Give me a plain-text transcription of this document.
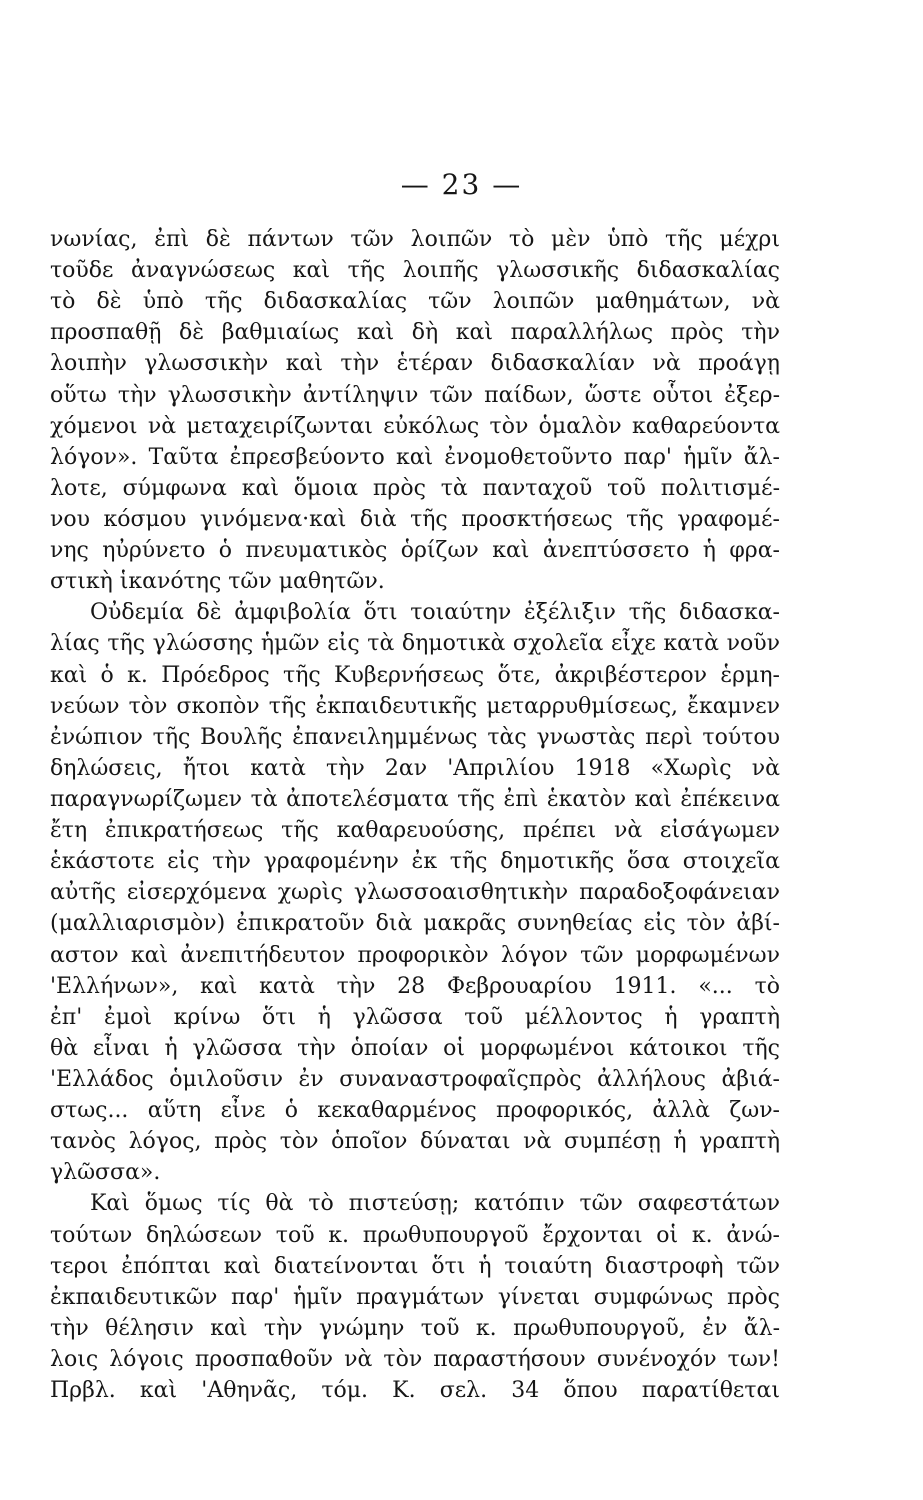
— 23 —
νωνίας, ἐπὶ δὲ πάντων τῶν λοιπῶν τὸ μὲν ὑπὸ τῆς μέχρι
τοῦδε ἀναγνώσεως καὶ τῆς λοιπῆς γλωσσικῆς διδασκαλίας
τὸ δὲ ὑπὸ τῆς διδασκαλίας τῶν λοιπῶν μαθημάτων, νὰ
προσπαθῇ δὲ βαθμιαίως καὶ δὴ καὶ παραλλήλως πρὸς τὴν
λοιπὴν γλωσσικὴν καὶ τὴν ἑτέραν διδασκαλίαν νὰ προάγῃ
οὕτω τὴν γλωσσικὴν ἀντίληψιν τῶν παίδων, ὥστε οὗτοι ἐξερ-
χόμενοι νὰ μεταχειρίζωνται εὐκόλως τὸν ὁμαλὸν καθαρεύοντα
λόγον». Ταῦτα ἐπρεσβεύοντο καὶ ἐνομοθετοῦντο παρ' ἡμῖν ἄλ-
λοτε, σύμφωνα καὶ ὅμοια πρὸς τὰ πανταχοῦ τοῦ πολιτισμέ-
νου κόσμου γινόμενα·καὶ διὰ τῆς προσκτήσεως τῆς γραφομέ-
νης ηὐρύνετο ὁ πνευματικὸς ὁρίζων καὶ ἀνεπτύσσετο ἡ φρα-
στικὴ ἱκανότης τῶν μαθητῶν.
Οὐδεμία δὲ ἀμφιβολία ὅτι τοιαύτην ἐξέλιξιν τῆς διδασκα-
λίας τῆς γλώσσης ἡμῶν εἰς τὰ δημοτικὰ σχολεῖα εἶχε κατὰ νοῦν
καὶ ὁ κ. Πρόεδρος τῆς Κυβερνήσεως ὅτε, ἀκριβέστερον ἑρμη-
νεύων τὸν σκοπὸν τῆς ἐκπαιδευτικῆς μεταρρυθμίσεως, ἔκαμνεν
ἐνώπιον τῆς Βουλῆς ἐπανειλημμένως τὰς γνωστὰς περὶ τούτου
δηλώσεις, ἤτοι κατὰ τὴν 2αν 'Απριλίου 1918 «Χωρὶς νὰ
παραγνωρίζωμεν τὰ ἀποτελέσματα τῆς ἐπὶ ἑκατὸν καὶ ἐπέκεινα
ἔτη ἐπικρατήσεως τῆς καθαρευούσης, πρέπει νὰ εἰσάγωμεν
ἑκάστοτε εἰς τὴν γραφομένην ἐκ τῆς δημοτικῆς ὅσα στοιχεῖα
αὐτῆς εἰσερχόμενα χωρὶς γλωσσοαισθητικὴν παραδοξοφάνειαν
(μαλλιαρισμὸν) ἐπικρατοῦν διὰ μακρᾶς συνηθείας εἰς τὸν ἀβί-
αστον καὶ ἀνεπιτήδευτον προφορικὸν λόγον τῶν μορφωμένων
'Ελλήνων», καὶ κατὰ τὴν 28 Φεβρουαρίου 1911. «... τὸ
ἐπ' ἐμοὶ κρίνω ὅτι ἡ γλῶσσα τοῦ μέλλοντος ἡ γραπτὴ
θὰ εἶναι ἡ γλῶσσα τὴν ὁποίαν οἱ μορφωμένοι κάτοικοι τῆς
'Ελλάδος ὁμιλοῦσιν ἐν συναναστροφαῖςπρὸς ἀλλήλους ἀβιά-
στως... αὕτη εἶνε ὁ κεκαθαρμένος προφορικός, ἀλλὰ ζων-
τανὸς λόγος, πρὸς τὸν ὁποῖον δύναται νὰ συμπέσῃ ἡ γραπτὴ
γλῶσσα».
Καὶ ὅμως τίς θὰ τὸ πιστεύσῃ; κατόπιν τῶν σαφεστάτων
τούτων δηλώσεων τοῦ κ. πρωθυπουργοῦ ἔρχονται οἱ κ. ἀνώ-
τεροι ἐπόπται καὶ διατείνονται ὅτι ἡ τοιαύτη διαστροφὴ τῶν
ἐκπαιδευτικῶν παρ' ἡμῖν πραγμάτων γίνεται συμφώνως πρὸς
τὴν θέλησιν καὶ τὴν γνώμην τοῦ κ. πρωθυπουργοῦ, ἐν ἄλ-
λοις λόγοις προσπαθοῦν νὰ τὸν παραστήσουν συνένοχόν των!
Πρβλ. καὶ 'Αθηνᾶς, τόμ. Κ. σελ. 34 ὅπου παρατίθεται
